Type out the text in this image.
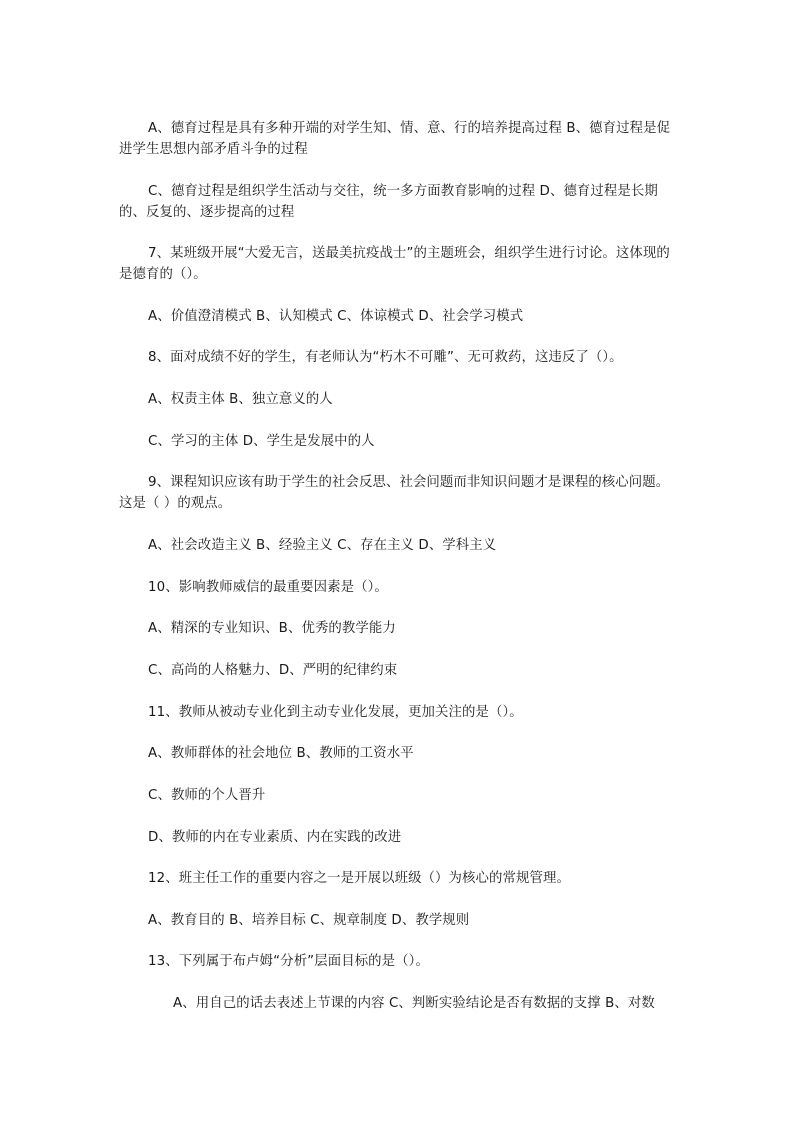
A、德育过程是具有多种开端的对学生知、情、意、行的培养提高过程 B、德育过程是促进学生思想内部矛盾斗争的过程

C、德育过程是组织学生活动与交往，统一多方面教育影响的过程 D、德育过程是长期的、反复的、逐步提高的过程

7、某班级开展“大爱无言，送最美抗疫战士”的主题班会，组织学生进行讨论。这体现的是德育的（）。

A、价值澄清模式 B、认知模式 C、体谅模式 D、社会学习模式

8、面对成绩不好的学生，有老师认为“朽木不可雕”、无可救药，这违反了（）。

A、权责主体 B、独立意义的人

C、学习的主体 D、学生是发展中的人

9、课程知识应该有助于学生的社会反思、社会问题而非知识问题才是课程的核心问题。这是（ ）的观点。

A、社会改造主义 B、经验主义 C、存在主义 D、学科主义

10、影响教师威信的最重要因素是（）。

A、精深的专业知识、B、优秀的教学能力

C、高尚的人格魅力、D、严明的纪律约束

11、教师从被动专业化到主动专业化发展，更加关注的是（）。

A、教师群体的社会地位 B、教师的工资水平

C、教师的个人晋升

D、教师的内在专业素质、内在实践的改进

12、班主任工作的重要内容之一是开展以班级（）为核心的常规管理。

A、教育目的 B、培养目标 C、规章制度 D、教学规则

13、下列属于布卢姆“分析”层面目标的是（）。

A、用自己的话去表述上节课的内容 C、判断实验结论是否有数据的支撑 B、对数
